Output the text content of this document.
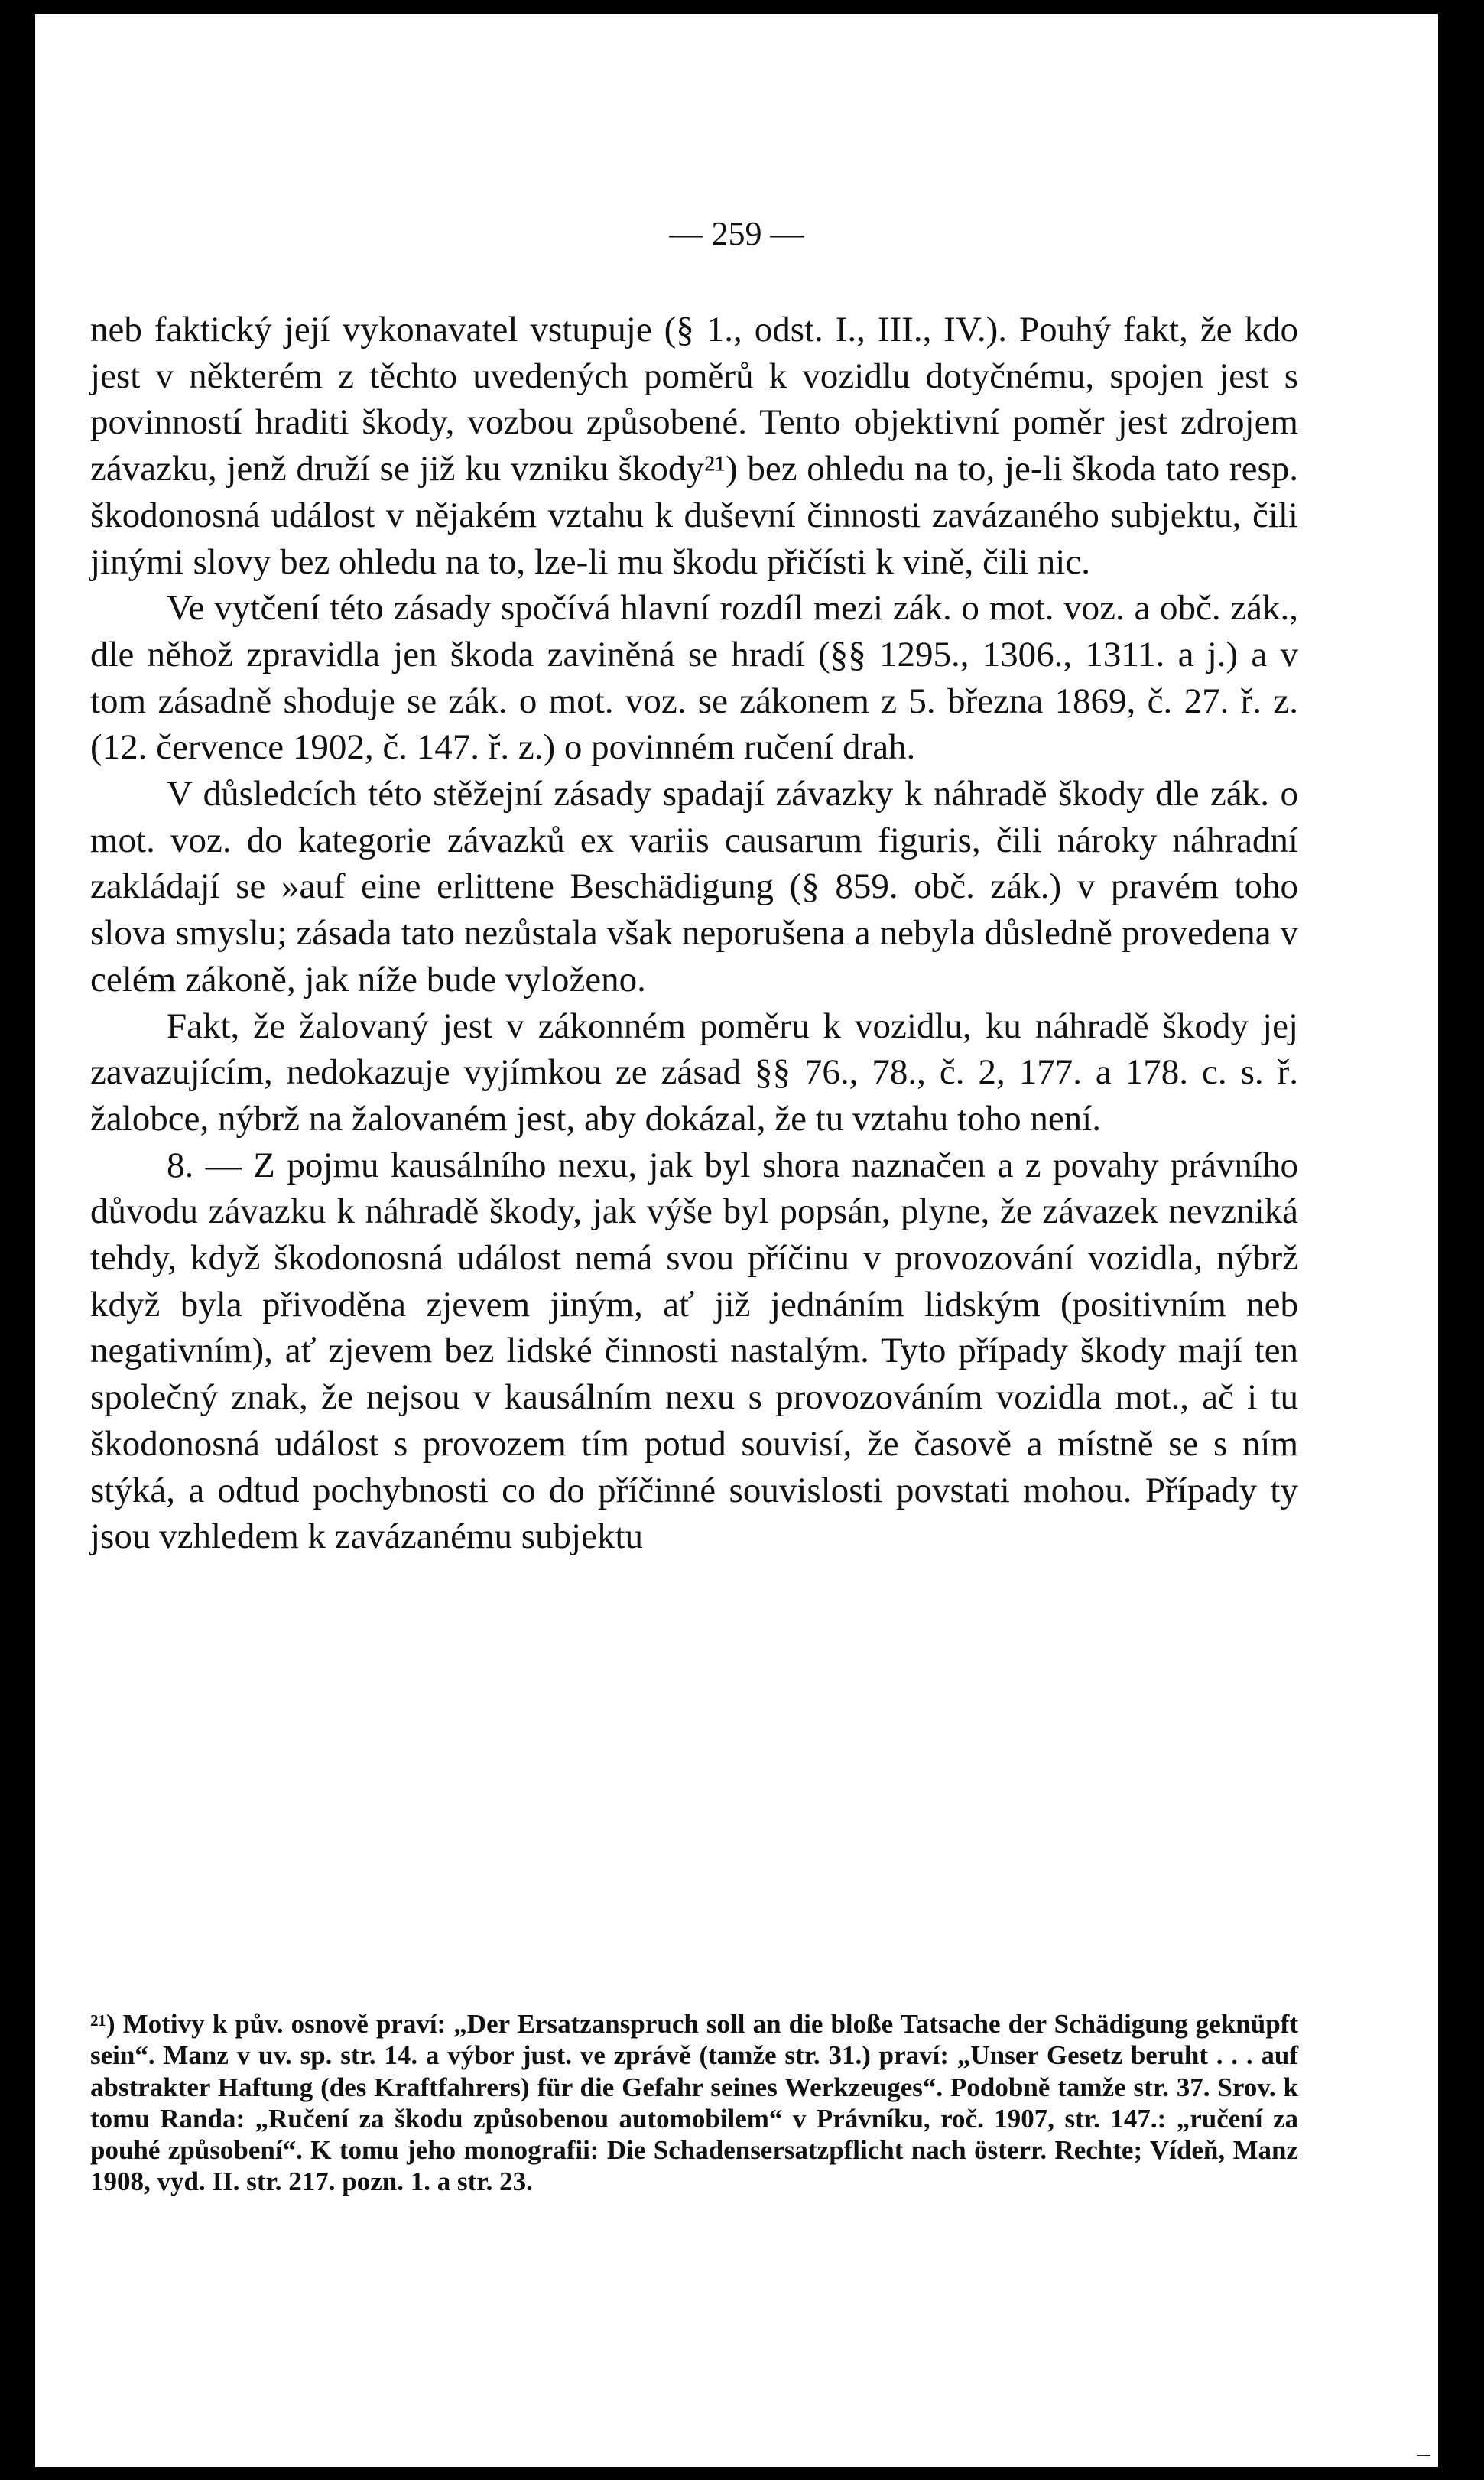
— 259 —

neb faktický její vykonavatel vstupuje (§ 1., odst. I., III., IV.). Pouhý fakt, že kdo jest v některém z těchto uvedených poměrů k vozidlu dotyčnému, spojen jest s povinností hraditi škody, vozbou způsobené. Tento objektivní poměr jest zdrojem závazku, jenž druží se již ku vzniku škody²¹) bez ohledu na to, je-li škoda tato resp. škodonosná událost v nějakém vztahu k duševní činnosti zavázaného subjektu, čili jinými slovy bez ohledu na to, lze-li mu škodu přičísti k vině, čili nic.

Ve vytčení této zásady spočívá hlavní rozdíl mezi zák. o mot. voz. a obč. zák., dle něhož zpravidla jen škoda zaviněná se hradí (§§ 1295., 1306., 1311. a j.) a v tom zásadně shoduje se zák. o mot. voz. se zákonem z 5. března 1869, č. 27. ř. z. (12. července 1902, č. 147. ř. z.) o povinném ručení drah.

V důsledcích této stěžejní zásady spadají závazky k náhradě škody dle zák. o mot. voz. do kategorie závazků ex variis causarum figuris, čili nároky náhradní zakládají se »auf eine erlittene Beschädigung (§ 859. obč. zák.) v pravém toho slova smyslu; zásada tato nezůstala však neporušena a nebyla důsledně provedena v celém zákoně, jak níže bude vyloženo.

Fakt, že žalovaný jest v zákonném poměru k vozidlu, ku náhradě škody jej zavazujícím, nedokazuje vyjímkou ze zásad §§ 76., 78., č. 2, 177. a 178. c. s. ř. žalobce, nýbrž na žalovaném jest, aby dokázal, že tu vztahu toho není.

8. — Z pojmu kausálního nexu, jak byl shora naznačen a z povahy právního důvodu závazku k náhradě škody, jak výše byl popsán, plyne, že závazek nevzniká tehdy, když škodonosná událost nemá svou příčinu v provozování vozidla, nýbrž když byla přivoděna zjevem jiným, ať již jednáním lidským (positivním neb negativním), ať zjevem bez lidské činnosti nastalým. Tyto případy škody mají ten společný znak, že nejsou v kausálním nexu s provozováním vozidla mot., ač i tu škodonosná událost s provozem tím potud souvisí, že časově a místně se s ním stýká, a odtud pochybnosti co do příčinné souvislosti povstati mohou. Případy ty jsou vzhledem k zavázanému subjektu

²¹) Motivy k pův. osnově praví: „Der Ersatzanspruch soll an die bloße Tatsache der Schädigung geknüpft sein“. Manz v uv. sp. str. 14. a výbor just. ve zprávě (tamže str. 31.) praví: „Unser Gesetz beruht . . . auf abstrakter Haftung (des Kraftfahrers) für die Gefahr seines Werkzeuges“. Podobně tamže str. 37. Srov. k tomu Randa: „Ručení za škodu způsobenou automobilem“ v Právníku, roč. 1907, str. 147.: „ručení za pouhé způsobení“. K tomu jeho monografii: Die Schadensersatzpflicht nach österr. Rechte; Vídeň, Manz 1908, vyd. II. str. 217. pozn. 1. a str. 23.
